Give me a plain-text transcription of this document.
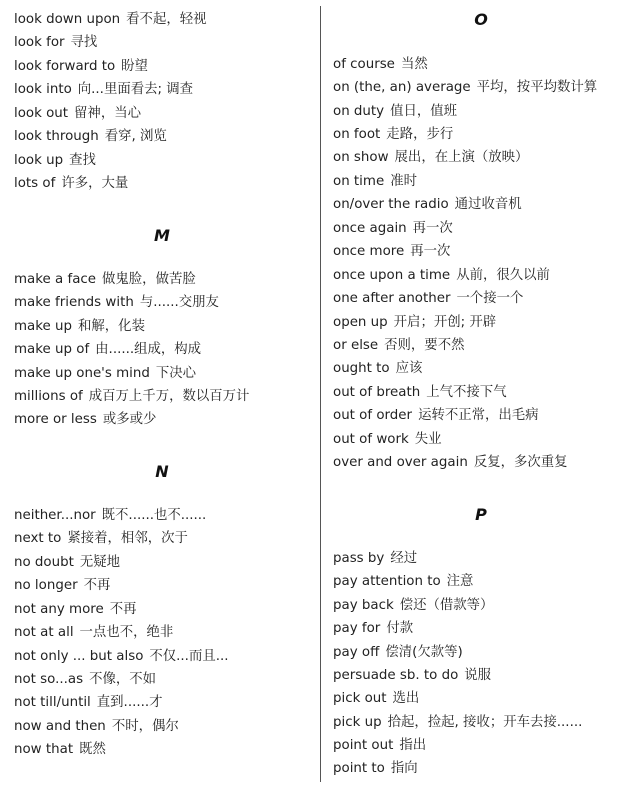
look down upon 看不起，轻视
look for 寻找
look forward to 盼望
look into 向...里面看去; 调查
look out 留神，当心
look through 看穿, 浏览
look up 查找
lots of 许多，大量
M
make a face 做鬼脸，做苦脸
make friends with 与......交朋友
make up 和解，化装
make up of 由......组成，构成
make up one's mind 下决心
millions of 成百万上千万，数以百万计
more or less 或多或少
N
neither...nor 既不......也不......
next to 紧接着，相邻，次于
no doubt 无疑地
no longer 不再
not any more 不再
not at all 一点也不，绝非
not only ... but also 不仅...而且...
not so...as 不像，不如
not till/until 直到......才
now and then 不时，偶尔
now that 既然
O
of course 当然
on (the, an) average 平均，按平均数计算
on duty 值日，值班
on foot 走路，步行
on show 展出，在上演（放映）
on time 准时
on/over the radio 通过收音机
once again 再一次
once more 再一次
once upon a time 从前，很久以前
one after another 一个接一个
open up 开启；开创; 开辟
or else 否则，要不然
ought to 应该
out of breath 上气不接下气
out of order 运转不正常，出毛病
out of work 失业
over and over again 反复，多次重复
P
pass by 经过
pay attention to 注意
pay back 偿还（借款等）
pay for 付款
pay off 偿清(欠款等)
persuade sb. to do 说服
pick out 选出
pick up 拾起，捡起, 接收；开车去接......
point out 指出
point to 指向
